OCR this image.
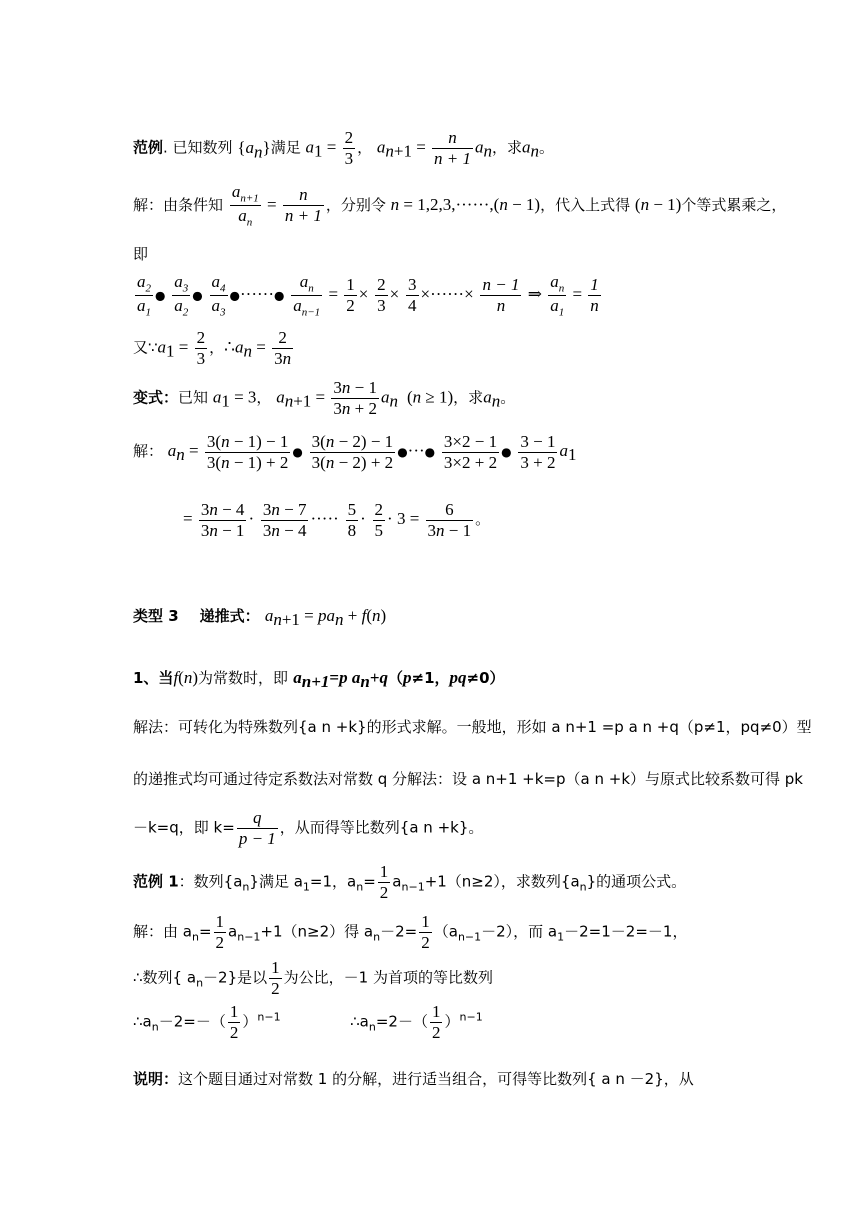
范例. 已知数列 $\{a_n\}$满足 $a_1 = \frac{2}{3}$ ， $a_{n+1} = \frac{n}{n + 1} a_n$，求$a_n$。
解：由条件知 $\frac{a_{n+1}}{a_n} = \frac{n}{n + 1}$ ，分别令 n = 1,2,3,······,(n − 1)，代入上式得 (n − 1)个等式累乘之，
即
$\frac{a_2}{a_1}$ ● $\frac{a_3}{a_2}$ ● $\frac{a_4}{a_3}$ ●······● $\frac{a_n}{a_{n-1}} = \frac{1}{2} \times \frac{2}{3} \times \frac{3}{4}$ ×······× $\frac{n - 1}{n}$ ⇒ $\frac{a_n}{a_1} = \frac{1}{n}$
又$\because a_1 = \frac{2}{3}$ ，$\therefore a_n = \frac{2}{3n}$
变式：已知 $a_1 = 3$， $a_{n+1} = \frac{3n - 1}{3n + 2} a_n$  (n ≥ 1)，求$a_n$。
解： $a_n = \frac{3(n - 1) - 1}{3(n - 1) + 2}$ ● $\frac{3(n - 2) - 1}{3(n - 2) + 2}$ ●···● $\frac{3\times 2 - 1}{3\times 2 + 2}$ ● $\frac{3 - 1}{3 + 2} a_1$
= $\frac{3n - 4}{3n - 1} \cdot \frac{3n - 7}{3n - 4}$ ····· $\frac{5}{8} \cdot \frac{2}{5} \cdot 3 = \frac{6}{3n - 1}$ 。
类型 3 递推式： $a_{n+1} = pa_n + f(n)$
1、当f(n)为常数时，即 $a_{n+1}=p$ $a_n+q(p\ne 1$，pq≠0）
解法：可转化为特殊数列{a n +k}的形式求解。一般地，形如 a n+1 =p a n +q（p≠1，pq≠0）型
的递推式均可通过待定系数法对常数 q 分解法：设 a n+1 +k=p（a n +k）与原式比较系数可得 pk
－k=q，即 $k= \frac{q}{p - 1}$ ，从而得等比数列{a n +k}。
范例 1：数列$\{a_n\}$满足 $a_1=1$，$a_n= \frac{1}{2} a_{n-1}+1(n\ge 2)$，求数列$\{a_n\}$的通项公式。
解：由 $a_n= \frac{1}{2} a_{n-1}+1(n\ge 2)$得 $a_n-2= \frac{1}{2} (a_{n-1}-2)$，而 $a_1-2=1-2=-1$，
∴数列{ $a_n-2$}是以 $\frac{1}{2}$ 为公比，－1 为首项的等比数列
$\therefore a_n-2=-( \frac{1}{2} )^{n-1}$	$\therefore a_n=2-( \frac{1}{2} )^{n-1}$
说明：这个题目通过对常数 1 的分解，进行适当组合，可得等比数列{ a n －2}，从
